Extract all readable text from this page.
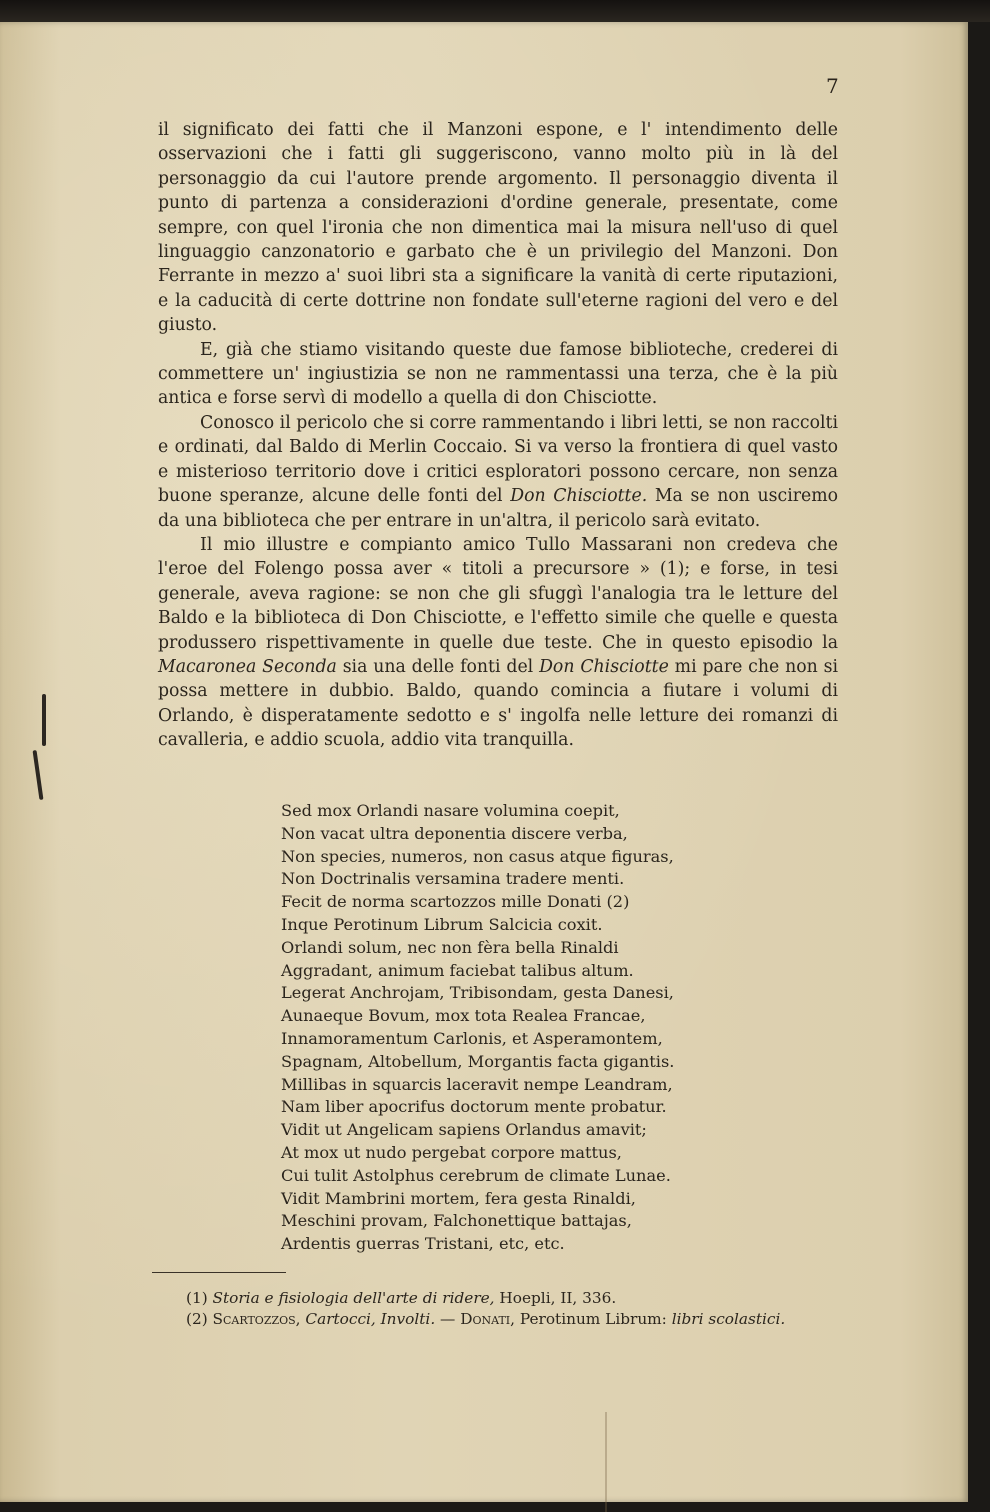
7

il significato dei fatti che il Manzoni espone, e l' intendimento delle osservazioni che i fatti gli suggeriscono, vanno molto più in là del personaggio da cui l'autore prende argomento. Il personaggio diventa il punto di partenza a considerazioni d'ordine generale, presentate, come sempre, con quel l'ironia che non dimentica mai la misura nell'uso di quel linguaggio canzonatorio e garbato che è un privilegio del Manzoni. Don Ferrante in mezzo a' suoi libri sta a significare la vanità di certe riputazioni, e la caducità di certe dottrine non fondate sull'eterne ragioni del vero e del giusto.

E, già che stiamo visitando queste due famose biblioteche, crederei di commettere un' ingiustizia se non ne rammentassi una terza, che è la più antica e forse servì di modello a quella di don Chisciotte.

Conosco il pericolo che si corre rammentando i libri letti, se non raccolti e ordinati, dal Baldo di Merlin Coccaio. Si va verso la frontiera di quel vasto e misterioso territorio dove i critici esploratori possono cercare, non senza buone speranze, alcune delle fonti del Don Chisciotte. Ma se non usciremo da una biblioteca che per entrare in un'altra, il pericolo sarà evitato.

Il mio illustre e compianto amico Tullo Massarani non credeva che l'eroe del Folengo possa aver « titoli a precursore » (1); e forse, in tesi generale, aveva ragione: se non che gli sfuggì l'analogia tra le letture del Baldo e la biblioteca di Don Chisciotte, e l'effetto simile che quelle e questa produssero rispettivamente in quelle due teste. Che in questo episodio la Macaronea Seconda sia una delle fonti del Don Chisciotte mi pare che non si possa mettere in dubbio. Baldo, quando comincia a fiutare i volumi di Orlando, è disperatamente sedotto e s' ingolfa nelle letture dei romanzi di cavalleria, e addio scuola, addio vita tranquilla.

Sed mox Orlandi nasare volumina coepit,
Non vacat ultra deponentia discere verba,
Non species, numeros, non casus atque figuras,
Non Doctrinalis versamina tradere menti.
Fecit de norma scartozzos mille Donati (2)
Inque Perotinum Librum Salcicia coxit.
Orlandi solum, nec non fèra bella Rinaldi
Aggradant, animum faciebat talibus altum.
Legerat Anchrojam, Tribisondam, gesta Danesi,
Aunaeque Bovum, mox tota Realea Francae,
Innamoramentum Carlonis, et Asperamontem,
Spagnam, Altobellum, Morgantis facta gigantis.
Millibas in squarcis laceravit nempe Leandram,
Nam liber apocrifus doctorum mente probatur.
Vidit ut Angelicam sapiens Orlandus amavit;
At mox ut nudo pergebat corpore mattus,
Cui tulit Astolphus cerebrum de climate Lunae.
Vidit Mambrini mortem, fera gesta Rinaldi,
Meschini provam, Falchonettique battajas,
Ardentis guerras Tristani, etc, etc.

(1) Storia e fisiologia dell'arte di ridere, Hoepli, II, 336.

(2) Scartozzos, Cartocci, Involti. — Donati, Perotinum Librum: libri scolastici.
